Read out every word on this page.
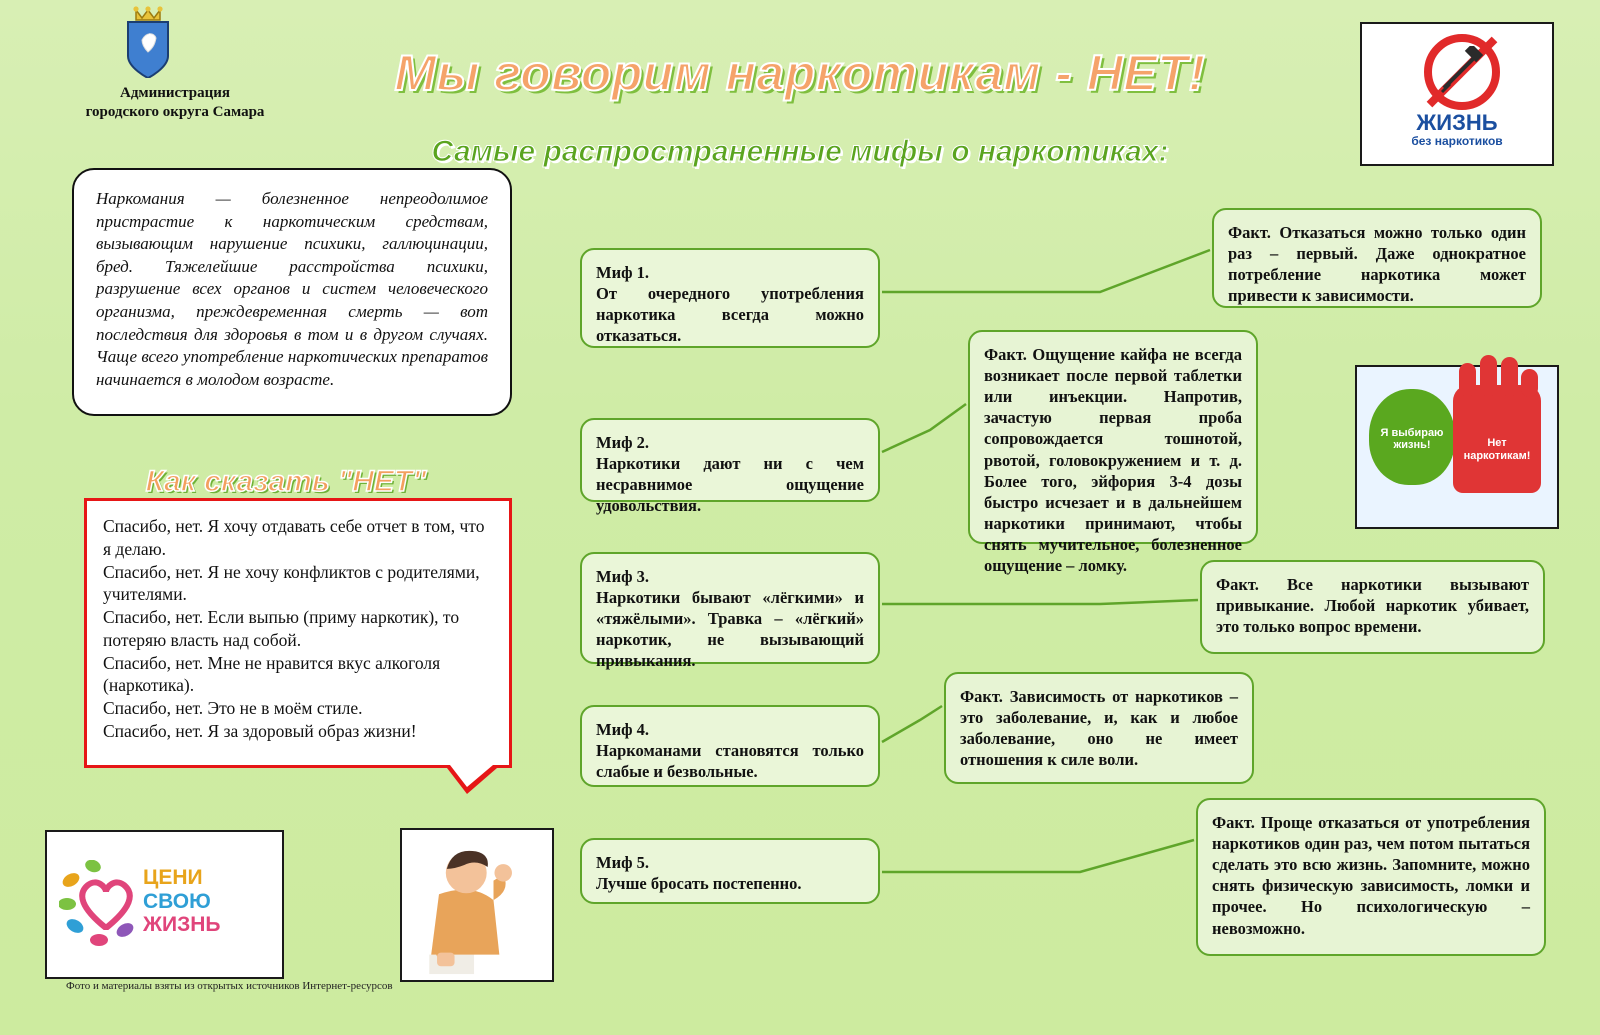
Администрация
городского округа Самара
Мы говорим наркотикам - НЕТ!
Самые распространенные мифы о наркотиках:
ЖИЗНЬ
без наркотиков
Наркомания — болезненное непреодолимое пристрастие к наркотическим средствам, вызывающим нарушение психики, галлюцинации, бред. Тяжелейшие расстройства психики, разрушение всех органов и систем человеческого организма, преждевременная смерть — вот последствия для здоровья в том и в другом случаях. Чаще всего употребление наркотических препаратов начинается в молодом возрасте.
Как сказать "НЕТ"
Спасибо, нет. Я хочу отдавать себе отчет в том, что я делаю.
Спасибо, нет. Я не хочу конфликтов с родителями, учителями.
Спасибо, нет. Если выпью (приму наркотик), то потеряю власть над собой.
Спасибо, нет. Мне не нравится вкус алкоголя (наркотика).
Спасибо, нет. Это не в моём стиле.
Спасибо, нет. Я за здоровый образ жизни!
Миф 1.
От очередного употребления наркотика всегда можно отказаться.
Миф 2.
Наркотики дают ни с чем несравнимое ощущение удовольствия.
Миф 3.
Наркотики бывают «лёгкими» и «тяжёлыми». Травка – «лёгкий» наркотик, не вызывающий привыкания.
Миф 4.
Наркоманами становятся только слабые и безвольные.
Миф 5.
Лучше бросать постепенно.
Факт. Отказаться можно только один раз – первый. Даже однократное потребление наркотика может привести к зависимости.
Факт. Ощущение кайфа не всегда возникает после первой таблетки или инъекции. Напротив, зачастую первая проба сопровождается тошнотой, рвотой, головокружением и т. д. Более того, эйфория 3-4 дозы быстро исчезает и в дальнейшем наркотики принимают, чтобы снять мучительное, болезненное ощущение – ломку.
Факт. Все наркотики вызывают привыкание. Любой наркотик убивает, это только вопрос времени.
Факт. Зависимость от наркотиков – это заболевание, и, как и любое заболевание, оно не имеет отношения к силе воли.
Факт. Проще отказаться от употребления наркотиков один раз, чем потом пытаться сделать это всю жизнь. Запомните, можно снять физическую зависимость, ломки и прочее. Но психологическую – невозможно.
Я выбираю жизнь!	Нет наркотикам!
ЦЕНИ
СВОЮ
ЖИЗНЬ
Фото и материалы взяты из открытых источников Интернет-ресурсов
